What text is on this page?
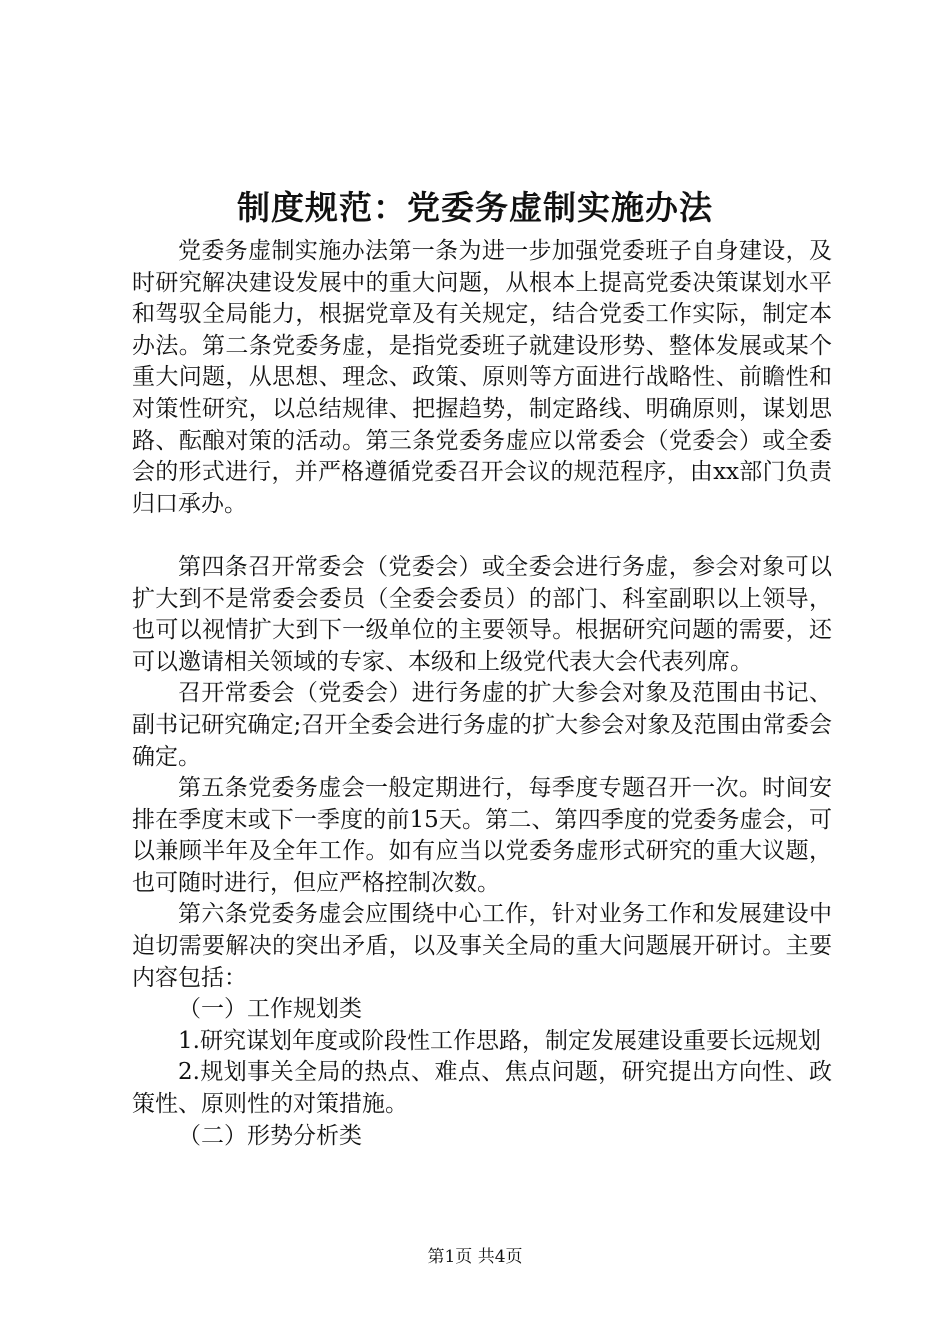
制度规范：党委务虚制实施办法

党委务虚制实施办法第一条为进一步加强党委班子自身建设，及时研究解决建设发展中的重大问题，从根本上提高党委决策谋划水平和驾驭全局能力，根据党章及有关规定，结合党委工作实际，制定本办法。第二条党委务虚，是指党委班子就建设形势、整体发展或某个重大问题，从思想、理念、政策、原则等方面进行战略性、前瞻性和对策性研究，以总结规律、把握趋势，制定路线、明确原则，谋划思路、酝酿对策的活动。第三条党委务虚应以常委会（党委会）或全委会的形式进行，并严格遵循党委召开会议的规范程序，由xx部门负责归口承办。

第四条召开常委会（党委会）或全委会进行务虚，参会对象可以扩大到不是常委会委员（全委会委员）的部门、科室副职以上领导，也可以视情扩大到下一级单位的主要领导。根据研究问题的需要，还可以邀请相关领域的专家、本级和上级党代表大会代表列席。

召开常委会（党委会）进行务虚的扩大参会对象及范围由书记、副书记研究确定;召开全委会进行务虚的扩大参会对象及范围由常委会确定。

第五条党委务虚会一般定期进行，每季度专题召开一次。时间安排在季度末或下一季度的前15天。第二、第四季度的党委务虚会，可以兼顾半年及全年工作。如有应当以党委务虚形式研究的重大议题，也可随时进行，但应严格控制次数。

第六条党委务虚会应围绕中心工作，针对业务工作和发展建设中迫切需要解决的突出矛盾，以及事关全局的重大问题展开研讨。主要内容包括：

（一）工作规划类

1.研究谋划年度或阶段性工作思路，制定发展建设重要长远规划

2.规划事关全局的热点、难点、焦点问题，研究提出方向性、政策性、原则性的对策措施。

（二）形势分析类

第1页 共4页
